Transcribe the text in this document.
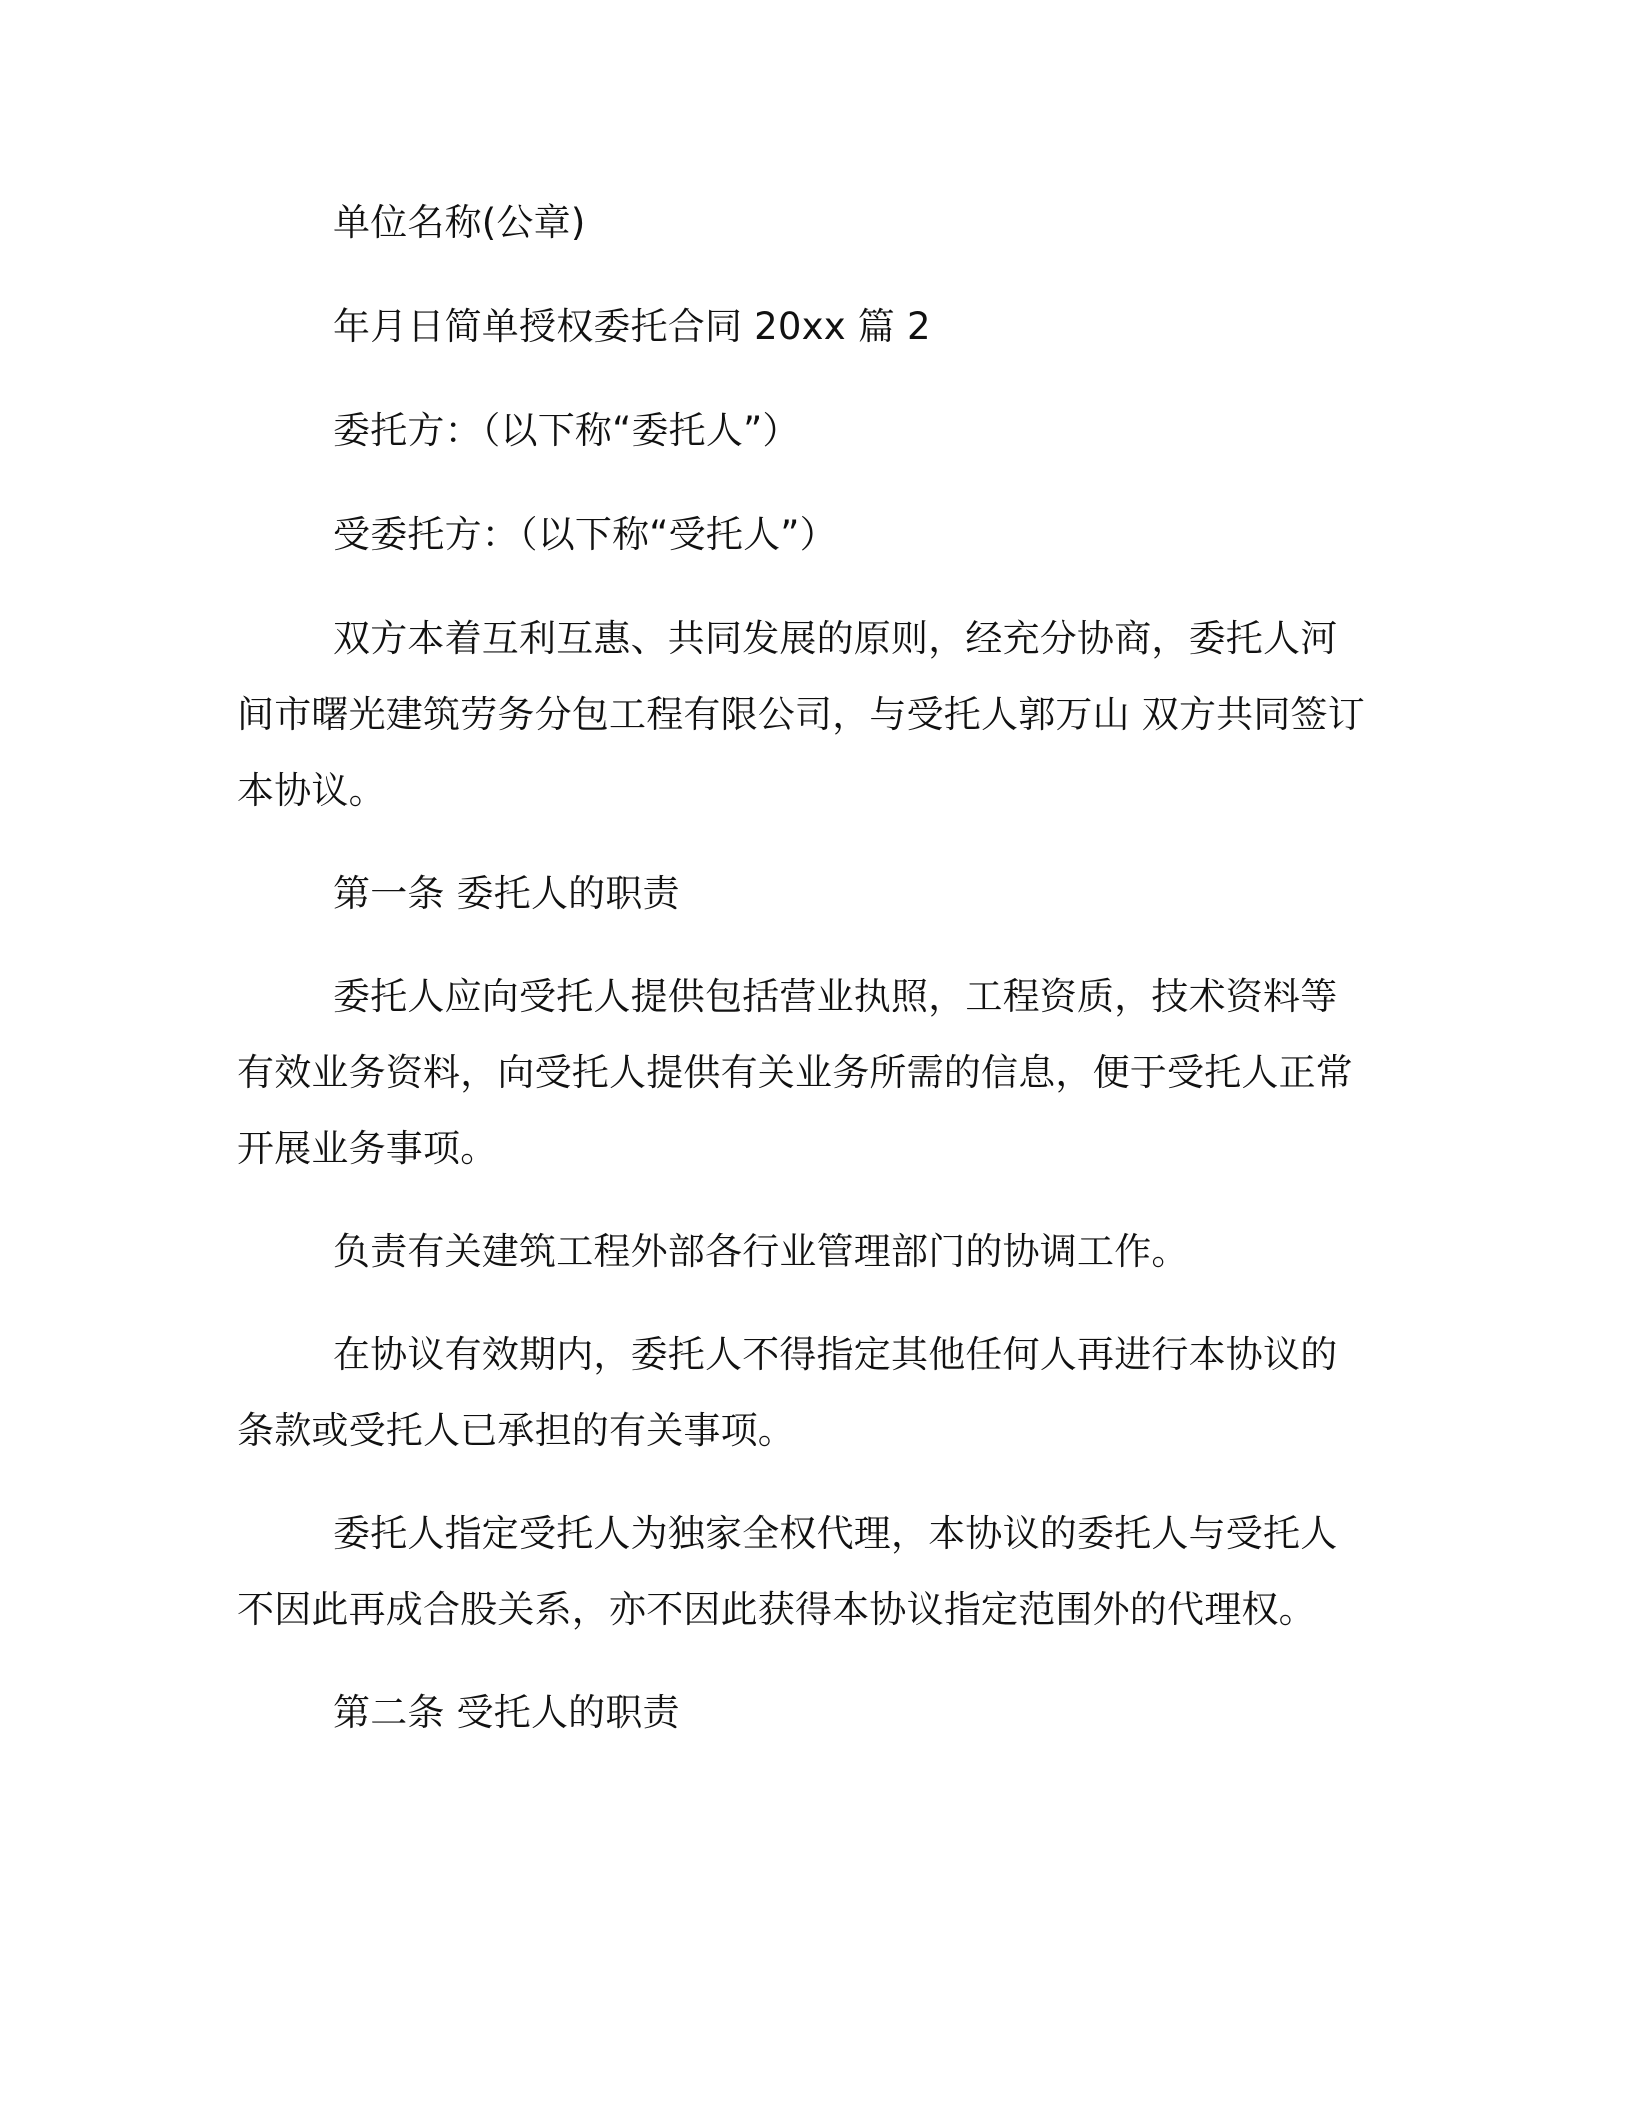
单位名称(公章)

年月日简单授权委托合同 20xx 篇 2

委托方：（以下称“委托人”）

受委托方：（以下称“受托人”）

双方本着互利互惠、共同发展的原则，经充分协商，委托人河间市曙光建筑劳务分包工程有限公司，与受托人郭万山 双方共同签订本协议。

第一条 委托人的职责

委托人应向受托人提供包括营业执照，工程资质，技术资料等有效业务资料，向受托人提供有关业务所需的信息，便于受托人正常开展业务事项。

负责有关建筑工程外部各行业管理部门的协调工作。

在协议有效期内，委托人不得指定其他任何人再进行本协议的条款或受托人已承担的有关事项。

委托人指定受托人为独家全权代理，本协议的委托人与受托人不因此再成合股关系，亦不因此获得本协议指定范围外的代理权。

第二条 受托人的职责
